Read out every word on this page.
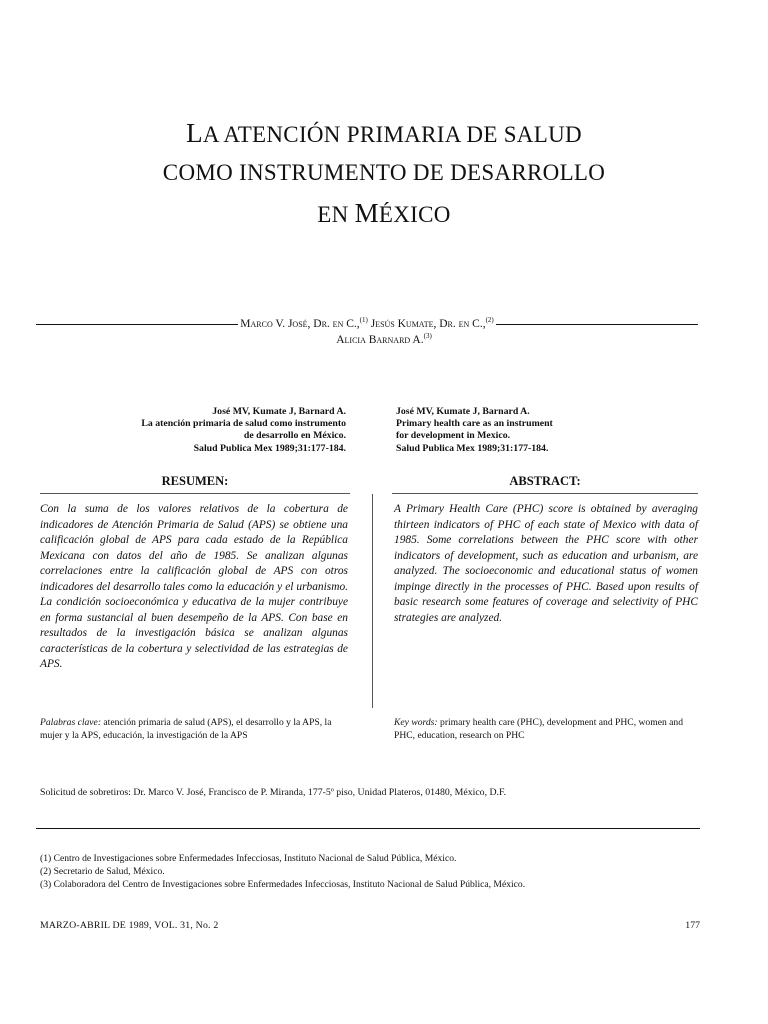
LA ATENCIÓN PRIMARIA DE SALUD
COMO INSTRUMENTO DE DESARROLLO
EN MÉXICO
Marco V. José, Dr. en C.,$^{(1)}$ Jesús Kumate, Dr. en C.,$^{(2)}$
Alicia Barnard A.$^{(3)}$
José MV, Kumate J, Barnard A.
La atención primaria de salud como instrumento
de desarrollo en México.
Salud Publica Mex 1989;31:177-184.
José MV, Kumate J, Barnard A.
Primary health care as an instrument
for development in Mexico.
Salud Publica Mex 1989;31:177-184.
RESUMEN:	ABSTRACT:
Con la suma de los valores relativos de la cobertura de indicadores de Atención Primaria de Salud (APS) se obtiene una calificación global de APS para cada estado de la República Mexicana con datos del año de 1985. Se analizan algunas correlaciones entre la calificación global de APS con otros indicadores del desarrollo tales como la educación y el urbanismo. La condición socioeconómica y educativa de la mujer contribuye en forma sustancial al buen desempeño de la APS. Con base en resultados de la investigación básica se analizan algunas características de la cobertura y selectividad de las estrategias de APS.
A Primary Health Care (PHC) score is obtained by averaging thirteen indicators of PHC of each state of Mexico with data of 1985. Some correlations between the PHC score with other indicators of development, such as education and urbanism, are analyzed. The socioeconomic and educational status of women impinge directly in the processes of PHC. Based upon results of basic research some features of coverage and selectivity of PHC strategies are analyzed.
Palabras clave: atención primaria de salud (APS), el desarrollo y la APS, la mujer y la APS, educación, la investigación de la APS
Key words: primary health care (PHC), development and PHC, women and PHC, education, research on PHC
Solicitud de sobretiros: Dr. Marco V. José, Francisco de P. Miranda, 177-5º piso, Unidad Plateros, 01480, México, D.F.
(1) Centro de Investigaciones sobre Enfermedades Infecciosas, Instituto Nacional de Salud Pública, México.
(2) Secretario de Salud, México.
(3) Colaboradora del Centro de Investigaciones sobre Enfermedades Infecciosas, Instituto Nacional de Salud Pública, México.
MARZO-ABRIL DE 1989, VOL. 31, No. 2	177
